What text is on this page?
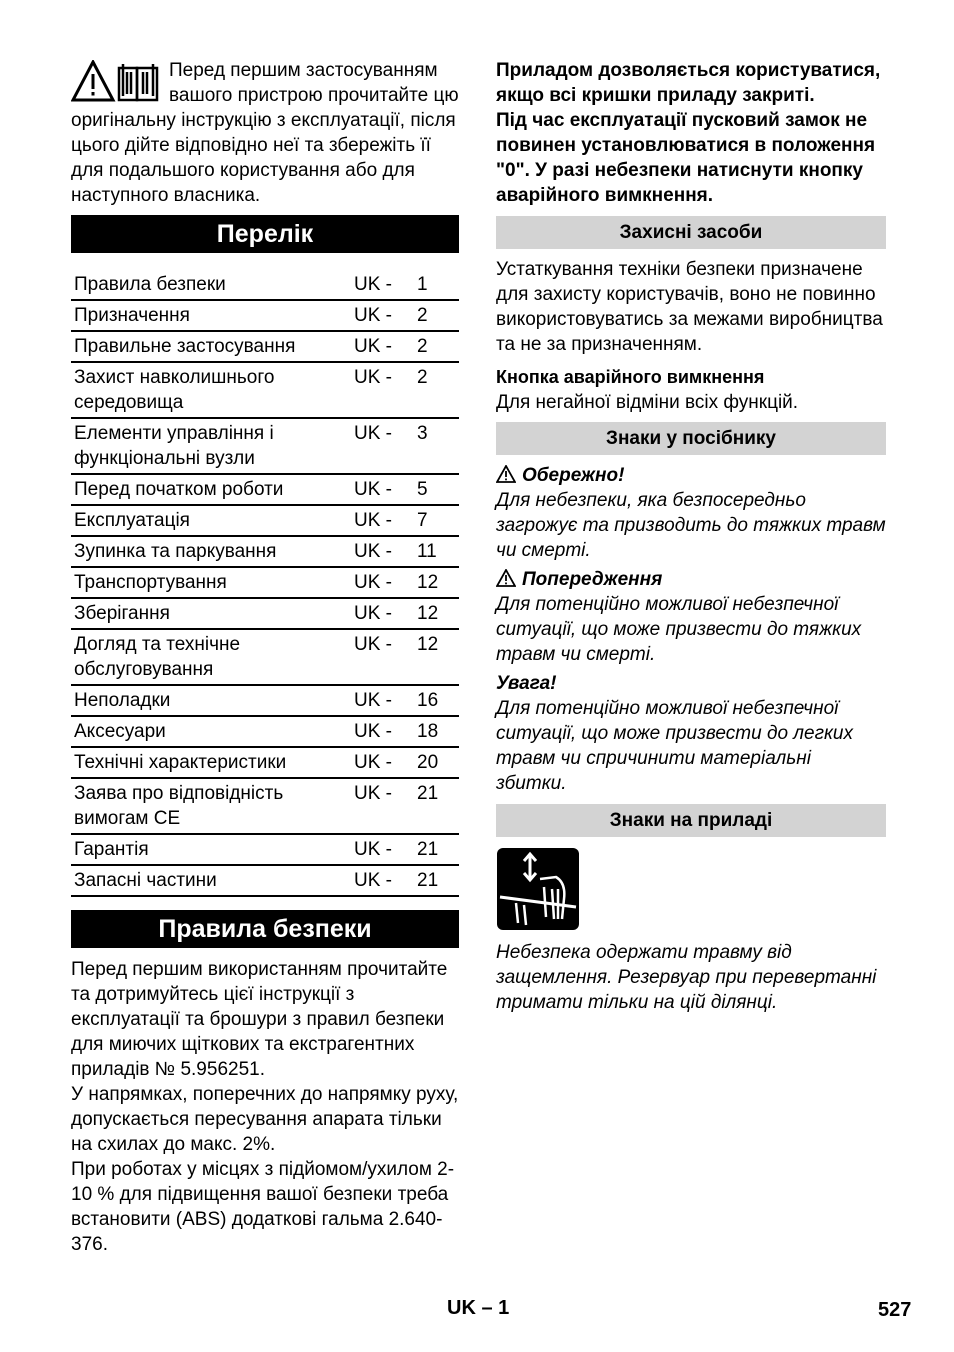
Перед першим застосуванням вашого пристрою прочитайте цю оригінальну інструкцію з експлуатації, після цього дійте відповідно неї та збережіть її для подальшого користування або для наступного власника.

Перелік
Правила безпеки	UK -	1
Призначення	UK -	2
Правильне застосування	UK -	2
Захист навколишнього середовища	UK -	2
Елементи управління і функціональні вузли	UK -	3
Перед початком роботи	UK -	5
Експлуатація	UK -	7
Зупинка та паркування	UK -	11
Транспортування	UK -	12
Зберігання	UK -	12
Догляд та технічне обслуговування	UK -	12
Неполадки	UK -	16
Аксесуари	UK -	18
Технічні характеристики	UK -	20
Заява про відповідність вимогам CE	UK -	21
Гарантія	UK -	21
Запасні частини	UK -	21
Правила безпеки

Перед першим використанням прочитайте та дотримуйтесь цієї інструкції з експлуатації та брошури з правил безпеки для миючих щіткових та екстрагентних приладів № 5.956251.

У напрямках, поперечних до напрямку руху, допускається пересування апарата тільки на схилах до макс. 2%.

При роботах у місцях з підйомом/ухилом 2-10 % для підвищення вашої безпеки треба встановити (ABS) додаткові гальма 2.640-376.

Приладом дозволяється користуватися, якщо всі кришки приладу закриті.

Під час експлуатації пусковий замок не повинен установлюватися в положення "0". У разі небезпеки натиснути кнопку аварійного вимкнення.

Захисні засоби

Устаткування техніки безпеки призначене для захисту користувачів, воно не повинно використовуватись за межами виробництва та не за призначенням.

Кнопка аварійного вимкнення

Для негайної відміни всіх функцій.

Знаки у посібнику

Обережно!

Для небезпеки, яка безпосередньо загрожує та призводить до тяжких травм чи смерті.

Попередження

Для потенційно можливої небезпечної ситуації, що може призвести до тяжких травм чи смерті.

Увага!

Для потенційно можливої небезпечної ситуації, що може призвести до легких травм чи спричинити матеріальні збитки.

Знаки на приладі

Небезпека одержати травму від защемлення. Резервуар при перевертанні тримати тільки на цій ділянці.

UK – 1	527
